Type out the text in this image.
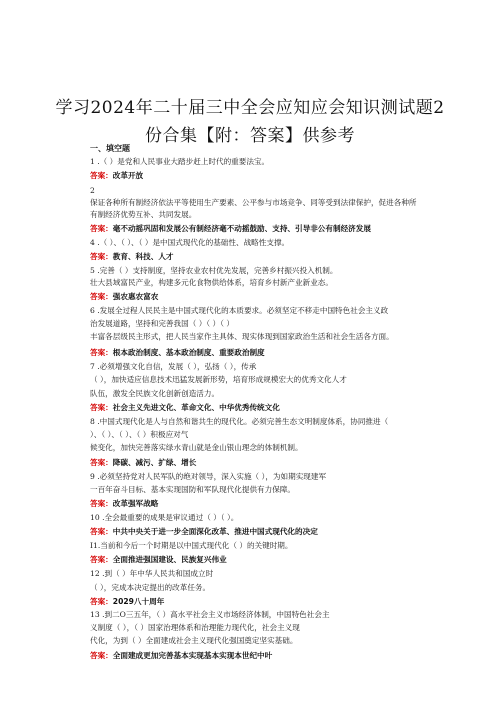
学习2024年二十届三中全会应知应会知识测试题2
份合集【附：答案】供参考
一、填空题
1 .（ ）是党和人民事业大踏步赶上时代的重要法宝。
答案：改革开放
2
保证各种所有制经济依法平等使用生产要素、公平参与市场竞争、同等受到法律保护，促进各种所
有制经济优势互补、共同发展。
答案：毫不动摇巩固和发展公有制经济毫不动摇鼓励、支持、引导非公有制经济发展
4 .（ ）、（ ）、（ ）是中国式现代化的基础性、战略性支撑。
答案：教育、科技、人才
5 .完善（ ）支持制度，坚持农业农村优先发展，完善乡村振兴投入机制。
壮大县域富民产业，构建多元化食物供给体系，培育乡村新产业新业态。
答案：强农惠农富农
6 .发展全过程人民民主是中国式现代化的本质要求。必须坚定不移走中国特色社会主义政
治发展道路，坚持和完善我国（ ）（ ）（ ）
丰富各层级民主形式，把人民当家作主具体、现实体现到国家政治生活和社会生活各方面。
答案：根本政治制度、基本政治制度、重要政治制度
7 .必须增强文化自信，发展（ ），弘扬（ ），传承
（ ），加快适应信息技术迅猛发展新形势，培育形成规模宏大的优秀文化人才
队伍，激发全民族文化创新创造活力。
答案：社会主义先进文化、革命文化、中华优秀传统文化
8 .中国式现代化是人与自然和谐共生的现代化。必须完善生态文明制度体系，协同推进（
）、（ ）、（ ）、（ ）积极应对气
候变化，加快完善落实绿水青山就是金山银山理念的体制机制。
答案：降碳、减污、扩绿、增长
9 .必须坚持党对人民军队的绝对领导，深入实施（ ），为如期实现建军
一百年奋斗目标、基本实现国防和军队现代化提供有力保障。
答案：改革强军战略
10 .全会最重要的成果是审议通过（ ）（ ）。
答案：中共中央关于进一步全面深化改革、推进中国式现代化的决定
I1.当前和今后一个时期是以中国式现代化（ ）的关键时期。
答案：全面推进强国建设、民族复兴伟业
12 .到（ ）年中华人民共和国成立时
（ ），完成本决定提出的改革任务。
答案：2029八十周年
13 .到二O三五年，（ ）高水平社会主义市场经济体制，中国特色社会主
义制度（ ），（ ）国家治理体系和治理能力现代化，社会主义现
代化，为到（ ）全面建成社会主义现代化强国奠定坚实基础。
答案：全面建成更加完善基本实现基本实现本世纪中叶
